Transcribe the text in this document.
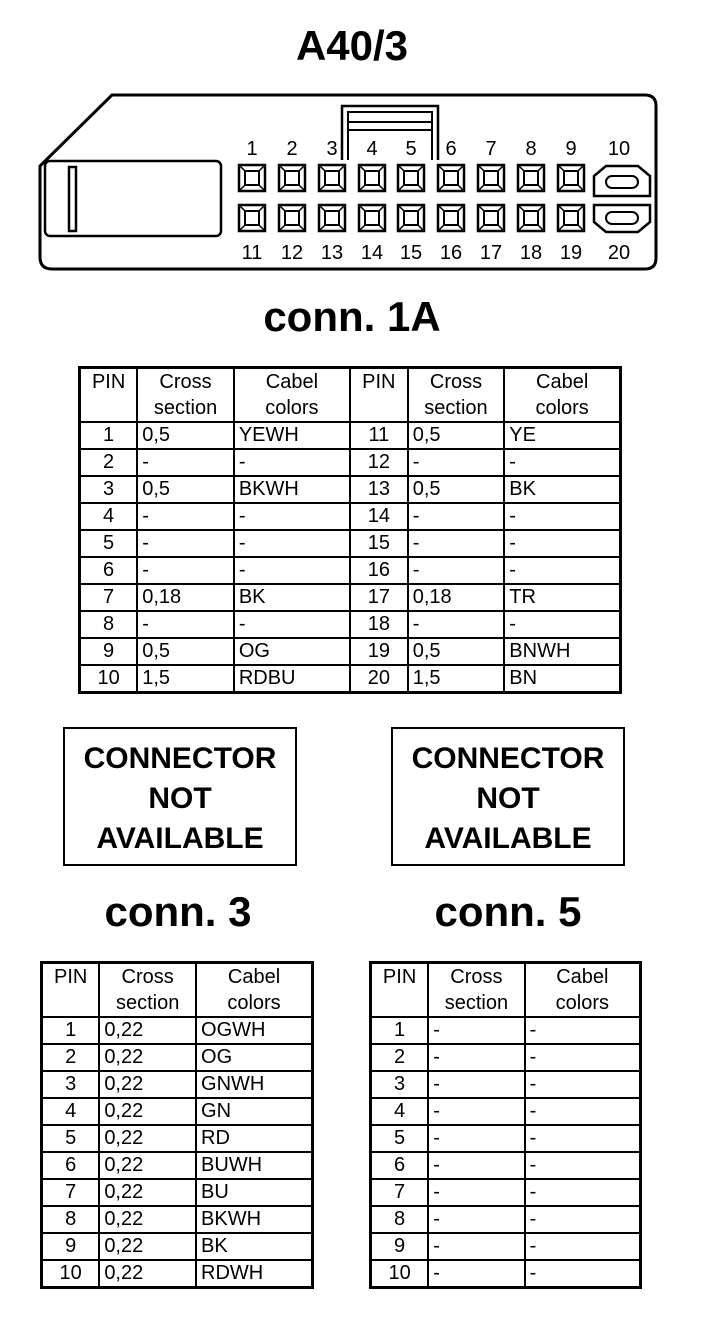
A40/3
1
11
2
12
3
13
4
14
5
15
6
16
7
17
8
18
9
19
10
20
conn. 1A
PIN	Cross section	Cabel colors	PIN	Cross section	Cabel colors
1	0,5	YEWH	11	0,5	YE
2	-	-	12	-	-
3	0,5	BKWH	13	0,5	BK
4	-	-	14	-	-
5	-	-	15	-	-
6	-	-	16	-	-
7	0,18	BK	17	0,18	TR
8	-	-	18	-	-
9	0,5	OG	19	0,5	BNWH
10	1,5	RDBU	20	1,5	BN
CONNECTOR
NOT
AVAILABLE
CONNECTOR
NOT
AVAILABLE
conn. 3	conn. 5
PIN	Cross section	Cabel colors
1	0,22	OGWH
2	0,22	OG
3	0,22	GNWH
4	0,22	GN
5	0,22	RD
6	0,22	BUWH
7	0,22	BU
8	0,22	BKWH
9	0,22	BK
10	0,22	RDWH
PIN	Cross section	Cabel colors
1	-	-
2	-	-
3	-	-
4	-	-
5	-	-
6	-	-
7	-	-
8	-	-
9	-	-
10	-	-
